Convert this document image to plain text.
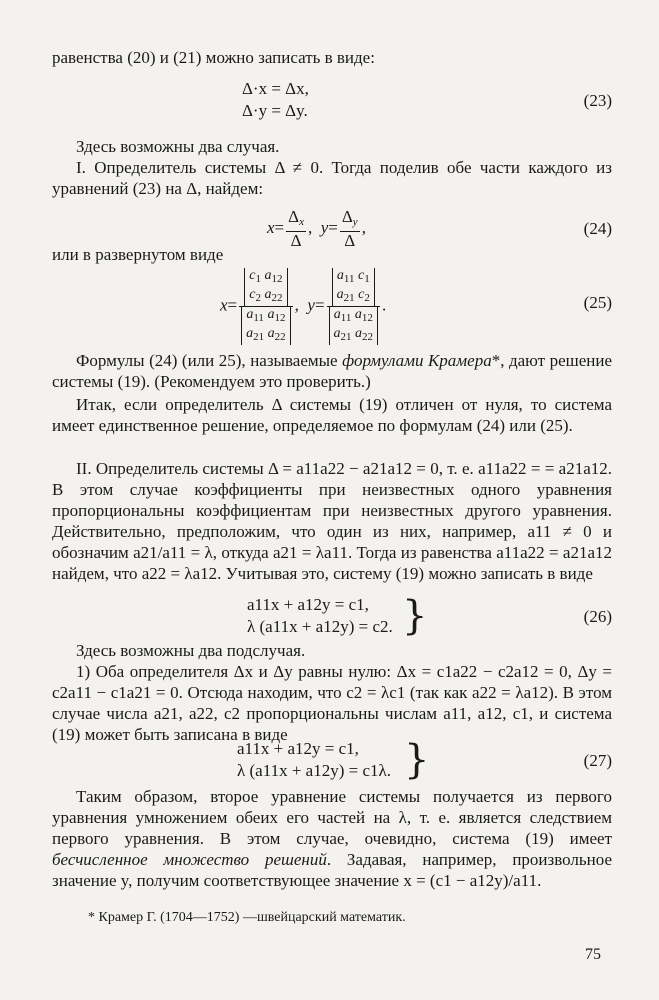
равенства (20) и (21) можно записать в виде:
Δ·x = Δx,
(23)
Δ·y = Δy.
Здесь возможны два случая.
I. Определитель системы Δ ≠ 0. Тогда поделив обе части каждого из уравнений (23) на Δ, найдем:
$x= \frac{\Delta_x}{\Delta}$ ,  $y= \frac{\Delta_y}{\Delta}$ ,	(24)
или в развернутом виде
x=
$c_1$ $a_{12}$
$c_2$ $a_{22}$
$a_{11}$ $a_{12}$
$a_{21}$ $a_{22}$
,  y=
$a_{11}$ $c_1$
$a_{21}$ $c_2$
$a_{11}$ $a_{12}$
$a_{21}$ $a_{22}$
.	(25)
Формулы (24) (или 25), называемые формулами Крамера*, дают решение системы (19). (Рекомендуем это проверить.)
Итак, если определитель Δ системы (19) отличен от нуля, то система имеет единственное решение, определяемое по формулам (24) или (25).
II. Определитель системы Δ = a11a22 − a21a12 = 0, т. е. a11a22 = = a21a12. В этом случае коэффициенты при неизвестных одного уравнения пропорциональны коэффициентам при неизвестных другого уравнения. Действительно, предположим, что один из них, например, a11 ≠ 0 и обозначим a21/a11 = λ, откуда a21 = λa11. Тогда из равенства a11a22 = a21a12 найдем, что a22 = λa12. Учитывая это, систему (19) можно записать в виде
a11x + a12y = c1,
λ (a11x + a12y) = c2. }	(26)
Здесь возможны два подслучая.
1) Оба определителя Δx и Δy равны нулю: Δx = c1a22 − c2a12 = 0, Δy = c2a11 − c1a21 = 0. Отсюда находим, что c2 = λc1 (так как a22 = λa12). В этом случае числа a21, a22, c2 пропорциональны числам a11, a12, c1, и система (19) может быть записана в виде
a11x + a12y = c1,
λ (a11x + a12y) = c1λ. }	(27)
Таким образом, второе уравнение системы получается из первого уравнения умножением обеих его частей на λ, т. е. является следствием первого уравнения. В этом случае, очевидно, система (19) имеет бесчисленное множество решений. Задавая, например, произвольное значение y, получим соответствующее значение x = (c1 − a12y)/a11.
* Крамер Г. (1704—1752) —швейцарский математик.
75
